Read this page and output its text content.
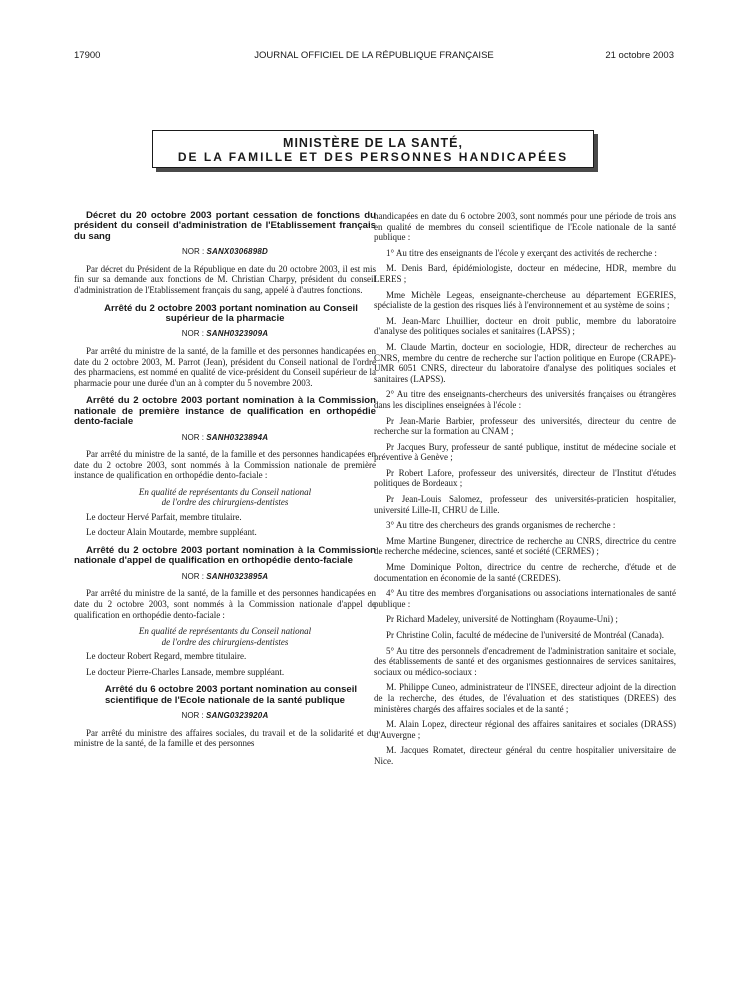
17900	JOURNAL OFFICIEL DE LA RÉPUBLIQUE FRANÇAISE	21 octobre 2003
MINISTÈRE DE LA SANTÉ,
DE LA FAMILLE ET DES PERSONNES HANDICAPÉES

Décret du 20 octobre 2003 portant cessation de fonctions du président du conseil d'administration de l'Etablissement français du sang

NOR : SANX0306898D

Par décret du Président de la République en date du 20 octobre 2003, il est mis fin sur sa demande aux fonctions de M. Christian Charpy, président du conseil d'administration de l'Etablissement français du sang, appelé à d'autres fonctions.

Arrêté du 2 octobre 2003 portant nomination au Conseil supérieur de la pharmacie

NOR : SANH0323909A

Par arrêté du ministre de la santé, de la famille et des personnes handicapées en date du 2 octobre 2003, M. Parrot (Jean), président du Conseil national de l'ordre des pharmaciens, est nommé en qualité de vice-président du Conseil supérieur de la pharmacie pour une durée d'un an à compter du 5 novembre 2003.

Arrêté du 2 octobre 2003 portant nomination à la Commission nationale de première instance de qualification en orthopédie dento-faciale

NOR : SANH0323894A

Par arrêté du ministre de la santé, de la famille et des personnes handicapées en date du 2 octobre 2003, sont nommés à la Commission nationale de première instance de qualification en orthopédie dento-faciale :

En qualité de représentants du Conseil national
de l'ordre des chirurgiens-dentistes

Le docteur Hervé Parfait, membre titulaire.

Le docteur Alain Moutarde, membre suppléant.

Arrêté du 2 octobre 2003 portant nomination à la Commission nationale d'appel de qualification en orthopédie dento-faciale

NOR : SANH0323895A

Par arrêté du ministre de la santé, de la famille et des personnes handicapées en date du 2 octobre 2003, sont nommés à la Commission nationale d'appel de qualification en orthopédie dento-faciale :

En qualité de représentants du Conseil national
de l'ordre des chirurgiens-dentistes

Le docteur Robert Regard, membre titulaire.

Le docteur Pierre-Charles Lansade, membre suppléant.

Arrêté du 6 octobre 2003 portant nomination au conseil scientifique de l'Ecole nationale de la santé publique

NOR : SANG0323920A

Par arrêté du ministre des affaires sociales, du travail et de la solidarité et du ministre de la santé, de la famille et des personnes

handicapées en date du 6 octobre 2003, sont nommés pour une période de trois ans en qualité de membres du conseil scientifique de l'Ecole nationale de la santé publique :

1° Au titre des enseignants de l'école y exerçant des activités de recherche :

M. Denis Bard, épidémiologiste, docteur en médecine, HDR, membre du LERES ;

Mme Michèle Legeas, enseignante-chercheuse au département EGERIES, spécialiste de la gestion des risques liés à l'environnement et au système de soins ;

M. Jean-Marc Lhuillier, docteur en droit public, membre du laboratoire d'analyse des politiques sociales et sanitaires (LAPSS) ;

M. Claude Martin, docteur en sociologie, HDR, directeur de recherches au CNRS, membre du centre de recherche sur l'action politique en Europe (CRAPE)-UMR 6051 CNRS, directeur du laboratoire d'analyse des politiques sociales et sanitaires (LAPSS).

2° Au titre des enseignants-chercheurs des universités françaises ou étrangères dans les disciplines enseignées à l'école :

Pr Jean-Marie Barbier, professeur des universités, directeur du centre de recherche sur la formation au CNAM ;

Pr Jacques Bury, professeur de santé publique, institut de médecine sociale et préventive à Genève ;

Pr Robert Lafore, professeur des universités, directeur de l'Institut d'études politiques de Bordeaux ;

Pr Jean-Louis Salomez, professeur des universités-praticien hospitalier, université Lille-II, CHRU de Lille.

3° Au titre des chercheurs des grands organismes de recherche :

Mme Martine Bungener, directrice de recherche au CNRS, directrice du centre de recherche médecine, sciences, santé et société (CERMES) ;

Mme Dominique Polton, directrice du centre de recherche, d'étude et de documentation en économie de la santé (CREDES).

4° Au titre des membres d'organisations ou associations internationales de santé publique :

Pr Richard Madeley, université de Nottingham (Royaume-Uni) ;

Pr Christine Colin, faculté de médecine de l'université de Montréal (Canada).

5° Au titre des personnels d'encadrement de l'administration sanitaire et sociale, des établissements de santé et des organismes gestionnaires de services sanitaires, sociaux ou médico-sociaux :

M. Philippe Cuneo, administrateur de l'INSEE, directeur adjoint de la direction de la recherche, des études, de l'évaluation et des statistiques (DREES) des ministères chargés des affaires sociales et de la santé ;

M. Alain Lopez, directeur régional des affaires sanitaires et sociales (DRASS) d'Auvergne ;

M. Jacques Romatet, directeur général du centre hospitalier universitaire de Nice.
